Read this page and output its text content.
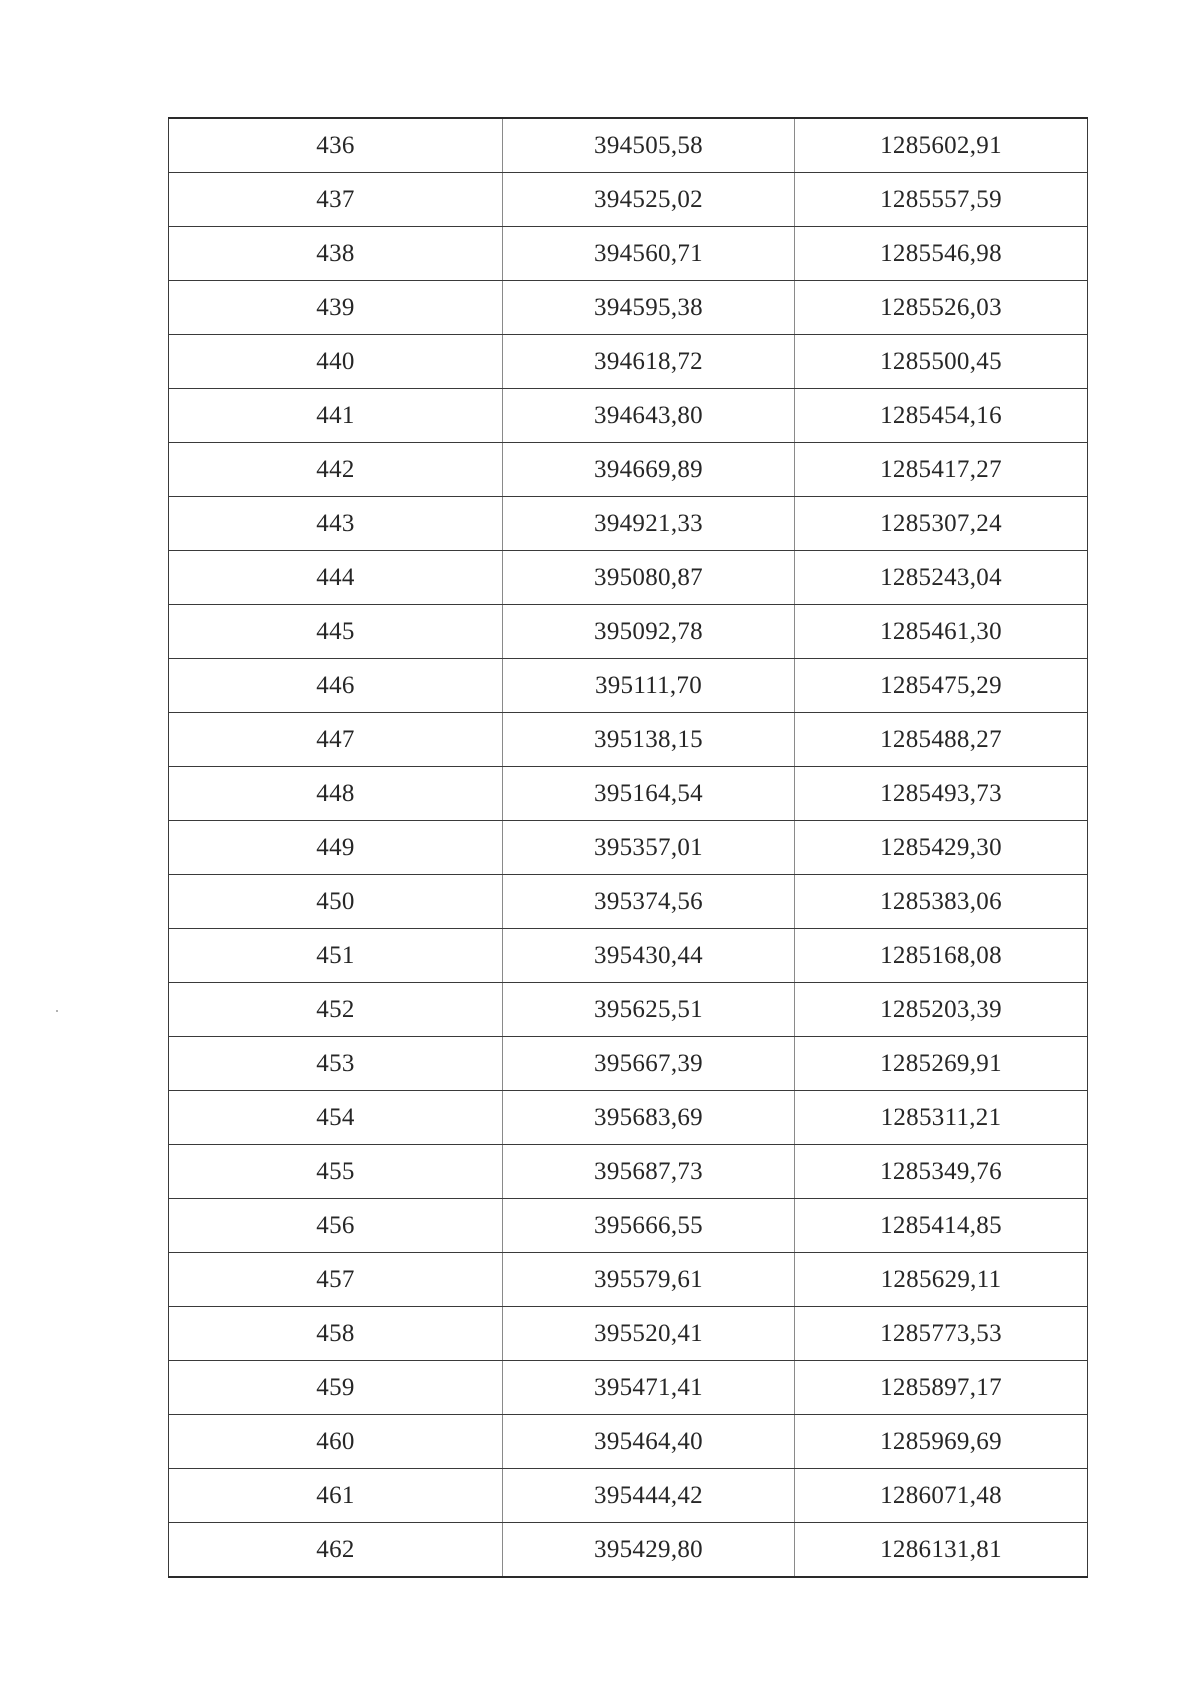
436	394505,58	1285602,91
437	394525,02	1285557,59
438	394560,71	1285546,98
439	394595,38	1285526,03
440	394618,72	1285500,45
441	394643,80	1285454,16
442	394669,89	1285417,27
443	394921,33	1285307,24
444	395080,87	1285243,04
445	395092,78	1285461,30
446	395111,70	1285475,29
447	395138,15	1285488,27
448	395164,54	1285493,73
449	395357,01	1285429,30
450	395374,56	1285383,06
451	395430,44	1285168,08
452	395625,51	1285203,39
453	395667,39	1285269,91
454	395683,69	1285311,21
455	395687,73	1285349,76
456	395666,55	1285414,85
457	395579,61	1285629,11
458	395520,41	1285773,53
459	395471,41	1285897,17
460	395464,40	1285969,69
461	395444,42	1286071,48
462	395429,80	1286131,81
